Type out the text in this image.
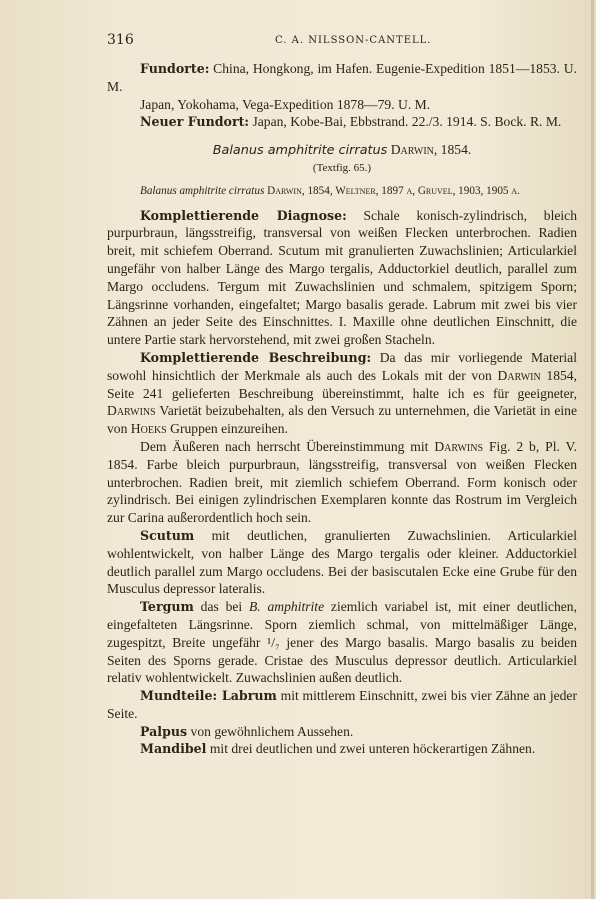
316	C. A. NILSSON-CANTELL.

Fundorte: China, Hongkong, im Hafen. Eugenie-Expedition 1851—1853. U. M.

Japan, Yokohama, Vega-Expedition 1878—79. U. M.

Neuer Fundort: Japan, Kobe-Bai, Ebbstrand. 22./3. 1914. S. Bock. R. M.

Balanus amphitrite cirratus Darwin, 1854.

(Textfig. 65.)

Balanus amphitrite cirratus Darwin, 1854, Weltner, 1897 a, Gruvel, 1903, 1905 a.

Komplettierende Diagnose: Schale konisch-zylindrisch, bleich purpurbraun, längsstreifig, transversal von weißen Flecken unterbrochen. Radien breit, mit schiefem Oberrand. Scutum mit granulierten Zuwachslinien; Articularkiel ungefähr von halber Länge des Margo tergalis, Adductorkiel deutlich, parallel zum Margo occludens. Tergum mit Zuwachslinien und schmalem, spitzigem Sporn; Längsrinne vorhanden, eingefaltet; Margo basalis gerade. Labrum mit zwei bis vier Zähnen an jeder Seite des Einschnittes. I. Maxille ohne deutlichen Einschnitt, die untere Partie stark hervorstehend, mit zwei großen Stacheln.

Komplettierende Beschreibung: Da das mir vorliegende Material sowohl hinsichtlich der Merkmale als auch des Lokals mit der von Darwin 1854, Seite 241 gelieferten Beschreibung übereinstimmt, halte ich es für geeigneter, Darwins Varietät beizubehalten, als den Versuch zu unternehmen, die Varietät in eine von Hoeks Gruppen einzureihen.

Dem Äußeren nach herrscht Übereinstimmung mit Darwins Fig. 2 b, Pl. V. 1854. Farbe bleich purpurbraun, längsstreifig, transversal von weißen Flecken unterbrochen. Radien breit, mit ziemlich schiefem Oberrand. Form konisch oder zylindrisch. Bei einigen zylindrischen Exemplaren konnte das Rostrum im Vergleich zur Carina außerordentlich hoch sein.

Scutum mit deutlichen, granulierten Zuwachslinien. Articularkiel wohlentwickelt, von halber Länge des Margo tergalis oder kleiner. Adductorkiel deutlich parallel zum Margo occludens. Bei der basiscutalen Ecke eine Grube für den Musculus depressor lateralis.

Tergum das bei B. amphitrite ziemlich variabel ist, mit einer deutlichen, eingefalteten Längsrinne. Sporn ziemlich schmal, von mittelmäßiger Länge, zugespitzt, Breite ungefähr ¹/₇ jener des Margo basalis. Margo basalis zu beiden Seiten des Sporns gerade. Cristae des Musculus depressor deutlich. Articularkiel relativ wohlentwickelt. Zuwachslinien außen deutlich.

Mundteile: Labrum mit mittlerem Einschnitt, zwei bis vier Zähne an jeder Seite.

Palpus von gewöhnlichem Aussehen.

Mandibel mit drei deutlichen und zwei unteren höckerartigen Zähnen.
